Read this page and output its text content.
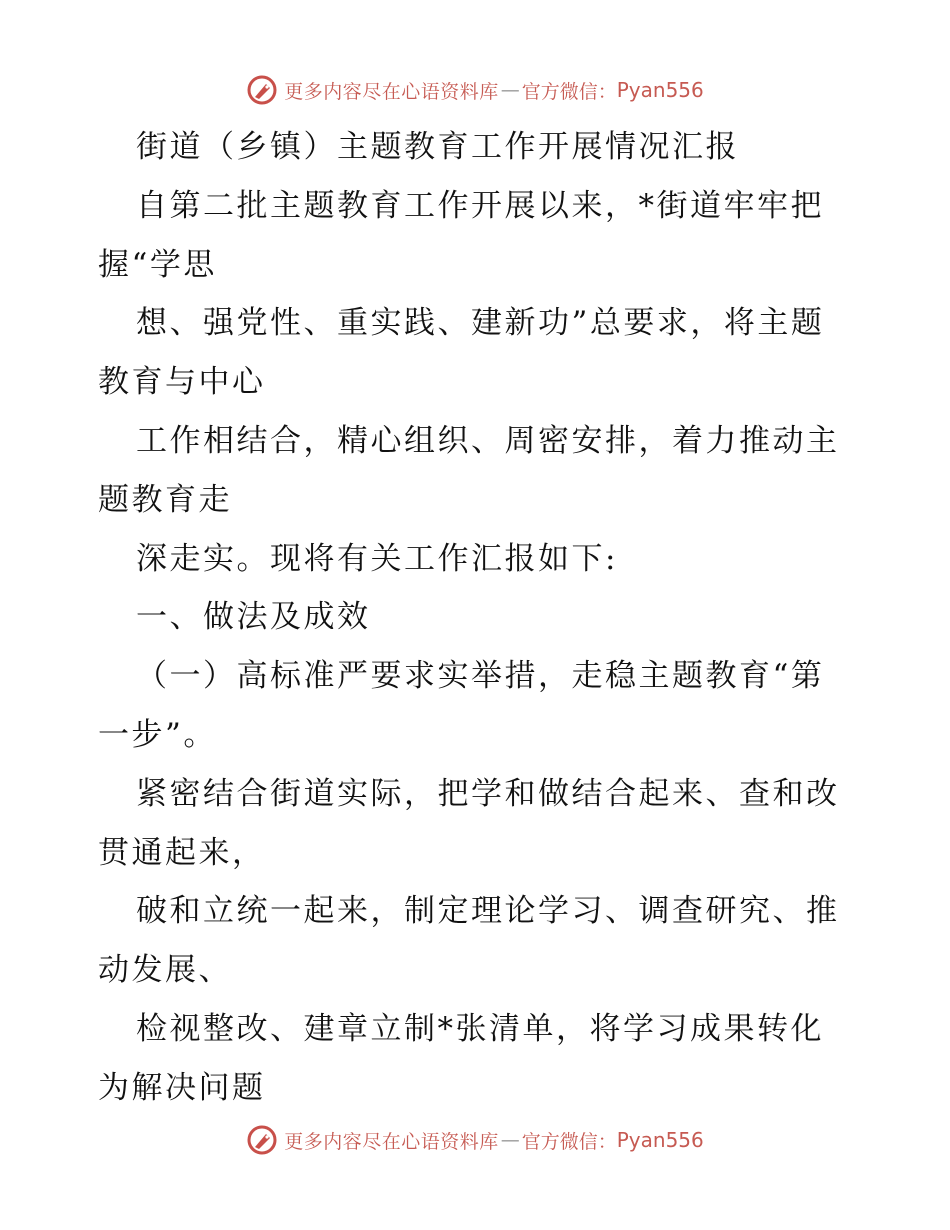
更多内容尽在心语资料库 — 官方微信： Pyan556
街道（乡镇）主题教育工作开展情况汇报
自第二批主题教育工作开展以来，*街道牢牢把
握“学思
想、强党性、重实践、建新功”总要求，将主题
教育与中心
工作相结合，精心组织、周密安排，着力推动主
题教育走
深走实。现将有关工作汇报如下:
一、做法及成效
（一）高标准严要求实举措，走稳主题教育“第
一步”。
紧密结合街道实际，把学和做结合起来、查和改
贯通起来，
破和立统一起来，制定理论学习、调查研究、推
动发展、
检视整改、建章立制*张清单，将学习成果转化
为解决问题
更多内容尽在心语资料库 — 官方微信： Pyan556
